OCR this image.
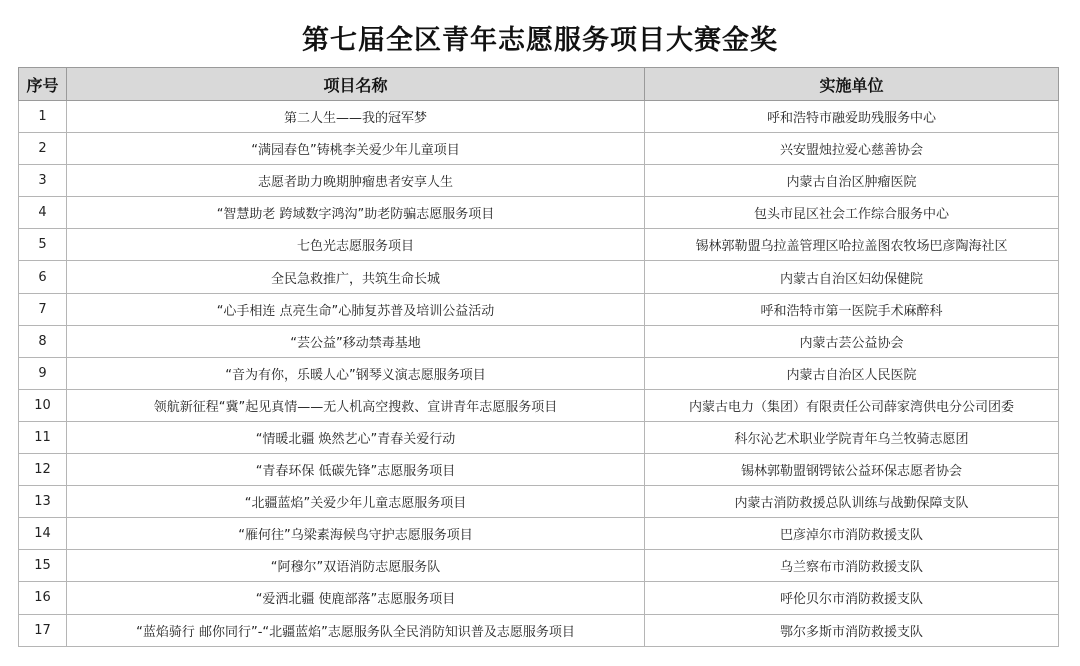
第七届全区青年志愿服务项目大赛金奖
序号	项目名称	实施单位
1	第二人生——我的冠军梦	呼和浩特市融爱助残服务中心
2	“满园春色”铸桃李关爱少年儿童项目	兴安盟烛拉爱心慈善协会
3	志愿者助力晚期肿瘤患者安享人生	内蒙古自治区肿瘤医院
4	“智慧助老 跨域数字鸿沟”助老防骗志愿服务项目	包头市昆区社会工作综合服务中心
5	七色光志愿服务项目	锡林郭勒盟乌拉盖管理区哈拉盖图农牧场巴彦陶海社区
6	全民急救推广，共筑生命长城	内蒙古自治区妇幼保健院
7	“心手相连 点亮生命”心肺复苏普及培训公益活动	呼和浩特市第一医院手术麻醉科
8	“芸公益”移动禁毒基地	内蒙古芸公益协会
9	“音为有你，乐暖人心”钢琴义演志愿服务项目	内蒙古自治区人民医院
10	领航新征程“冀”起见真情——无人机高空搜救、宣讲青年志愿服务项目	内蒙古电力（集团）有限责任公司薛家湾供电分公司团委
11	“情暖北疆 焕然艺心”青春关爱行动	科尔沁艺术职业学院青年乌兰牧骑志愿团
12	“青春环保 低碳先锋”志愿服务项目	锡林郭勒盟钢锷铱公益环保志愿者协会
13	“北疆蓝焰”关爱少年儿童志愿服务项目	内蒙古消防救援总队训练与战勤保障支队
14	“雁何往”乌梁素海候鸟守护志愿服务项目	巴彦淖尔市消防救援支队
15	“阿穆尔”双语消防志愿服务队	乌兰察布市消防救援支队
16	“爱洒北疆 使鹿部落”志愿服务项目	呼伦贝尔市消防救援支队
17	“蓝焰骑行 邮你同行”-“北疆蓝焰”志愿服务队全民消防知识普及志愿服务项目	鄂尔多斯市消防救援支队
